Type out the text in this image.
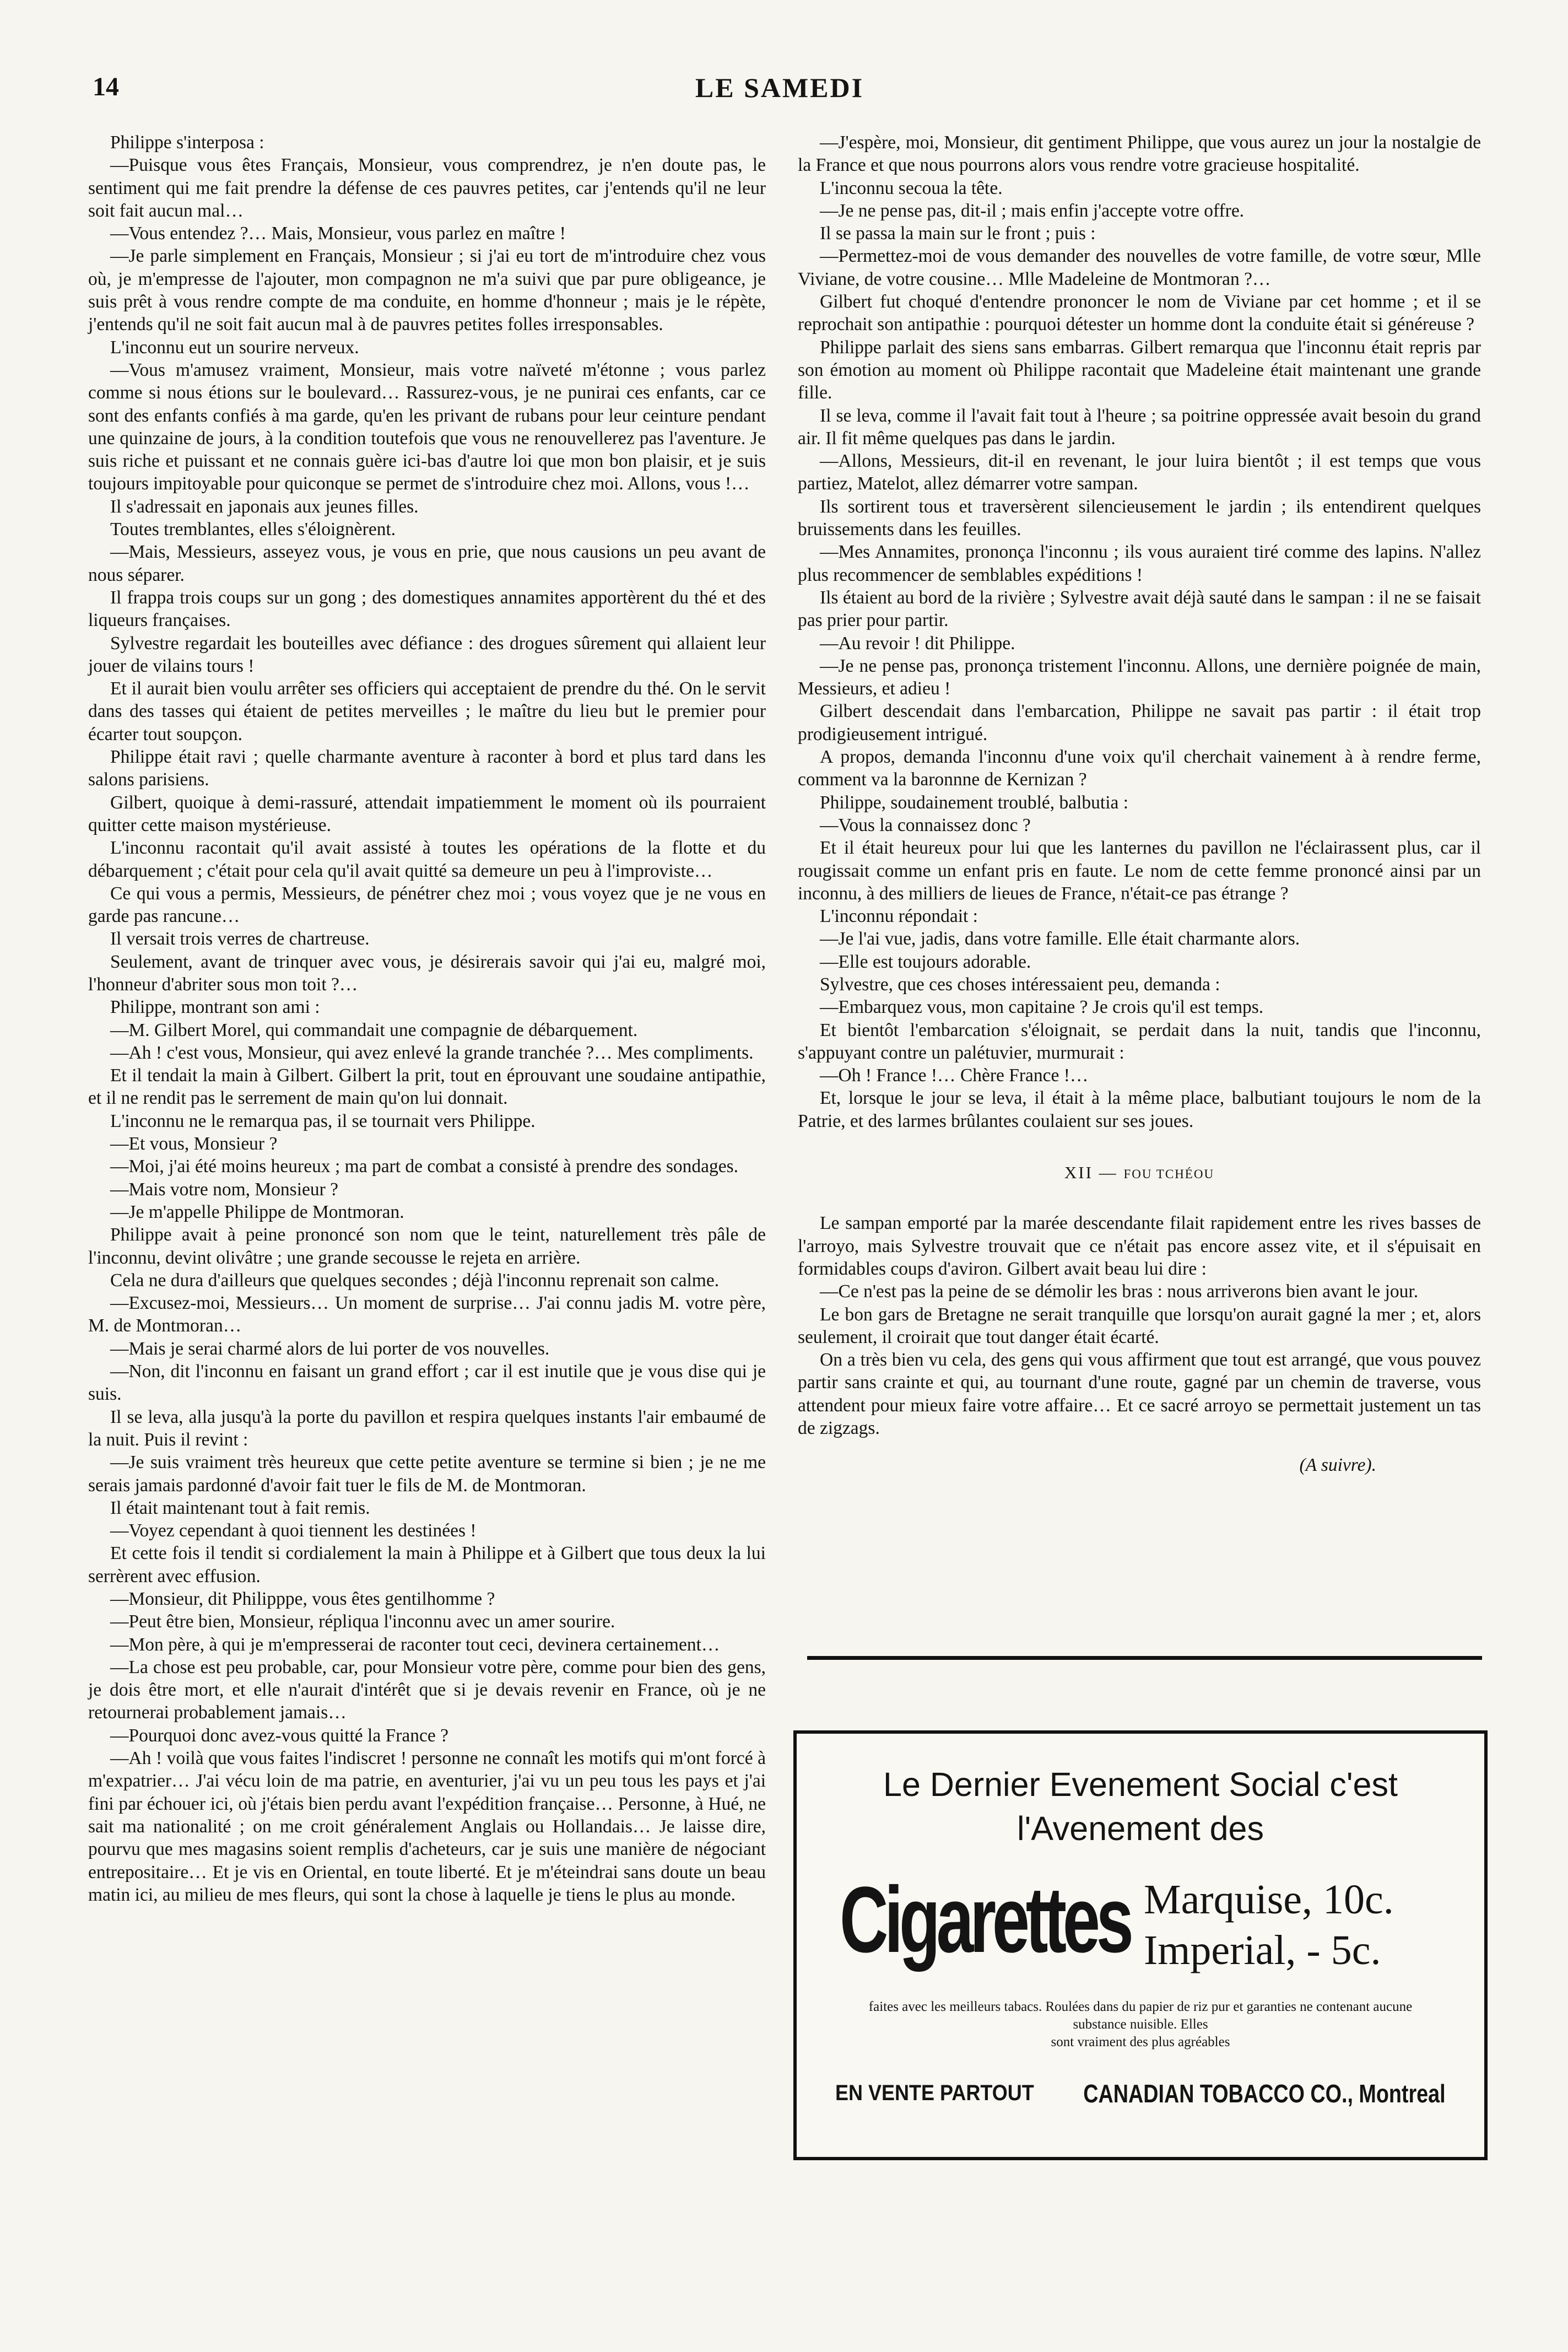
14	LE SAMEDI

Philippe s'interposa :

—Puisque vous êtes Français, Monsieur, vous comprendrez, je n'en doute pas, le sentiment qui me fait prendre la défense de ces pauvres petites, car j'entends qu'il ne leur soit fait aucun mal…

—Vous entendez ?… Mais, Monsieur, vous parlez en maître !

—Je parle simplement en Français, Monsieur ; si j'ai eu tort de m'introduire chez vous où, je m'empresse de l'ajouter, mon compagnon ne m'a suivi que par pure obligeance, je suis prêt à vous rendre compte de ma conduite, en homme d'honneur ; mais je le répète, j'entends qu'il ne soit fait aucun mal à de pauvres petites folles irresponsables.

L'inconnu eut un sourire nerveux.

—Vous m'amusez vraiment, Monsieur, mais votre naïveté m'étonne ; vous parlez comme si nous étions sur le boulevard… Rassurez-vous, je ne punirai ces enfants, car ce sont des enfants confiés à ma garde, qu'en les privant de rubans pour leur ceinture pendant une quinzaine de jours, à la condition toutefois que vous ne renouvellerez pas l'aventure. Je suis riche et puissant et ne connais guère ici-bas d'autre loi que mon bon plaisir, et je suis toujours impitoyable pour quiconque se permet de s'introduire chez moi. Allons, vous !…

Il s'adressait en japonais aux jeunes filles.

Toutes tremblantes, elles s'éloignèrent.

—Mais, Messieurs, asseyez vous, je vous en prie, que nous causions un peu avant de nous séparer.

Il frappa trois coups sur un gong ; des domestiques annamites apportèrent du thé et des liqueurs françaises.

Sylvestre regardait les bouteilles avec défiance : des drogues sûrement qui allaient leur jouer de vilains tours !

Et il aurait bien voulu arrêter ses officiers qui acceptaient de prendre du thé. On le servit dans des tasses qui étaient de petites merveilles ; le maître du lieu but le premier pour écarter tout soupçon.

Philippe était ravi ; quelle charmante aventure à raconter à bord et plus tard dans les salons parisiens.

Gilbert, quoique à demi-rassuré, attendait impatiemment le moment où ils pourraient quitter cette maison mystérieuse.

L'inconnu racontait qu'il avait assisté à toutes les opérations de la flotte et du débarquement ; c'était pour cela qu'il avait quitté sa demeure un peu à l'improviste…

Ce qui vous a permis, Messieurs, de pénétrer chez moi ; vous voyez que je ne vous en garde pas rancune…

Il versait trois verres de chartreuse.

Seulement, avant de trinquer avec vous, je désirerais savoir qui j'ai eu, malgré moi, l'honneur d'abriter sous mon toit ?…

Philippe, montrant son ami :

—M. Gilbert Morel, qui commandait une compagnie de débarquement.

—Ah ! c'est vous, Monsieur, qui avez enlevé la grande tranchée ?… Mes compliments.

Et il tendait la main à Gilbert. Gilbert la prit, tout en éprouvant une soudaine antipathie, et il ne rendit pas le serrement de main qu'on lui donnait.

L'inconnu ne le remarqua pas, il se tournait vers Philippe.

—Et vous, Monsieur ?

—Moi, j'ai été moins heureux ; ma part de combat a consisté à prendre des sondages.

—Mais votre nom, Monsieur ?

—Je m'appelle Philippe de Montmoran.

Philippe avait à peine prononcé son nom que le teint, naturellement très pâle de l'inconnu, devint olivâtre ; une grande secousse le rejeta en arrière.

Cela ne dura d'ailleurs que quelques secondes ; déjà l'inconnu reprenait son calme.

—Excusez-moi, Messieurs… Un moment de surprise… J'ai connu jadis M. votre père, M. de Montmoran…

—Mais je serai charmé alors de lui porter de vos nouvelles.

—Non, dit l'inconnu en faisant un grand effort ; car il est inutile que je vous dise qui je suis.

Il se leva, alla jusqu'à la porte du pavillon et respira quelques instants l'air embaumé de la nuit. Puis il revint :

—Je suis vraiment très heureux que cette petite aventure se termine si bien ; je ne me serais jamais pardonné d'avoir fait tuer le fils de M. de Montmoran.

Il était maintenant tout à fait remis.

—Voyez cependant à quoi tiennent les destinées !

Et cette fois il tendit si cordialement la main à Philippe et à Gilbert que tous deux la lui serrèrent avec effusion.

—Monsieur, dit Philipppe, vous êtes gentilhomme ?

—Peut être bien, Monsieur, répliqua l'inconnu avec un amer sourire.

—Mon père, à qui je m'empresserai de raconter tout ceci, devinera certainement…

—La chose est peu probable, car, pour Monsieur votre père, comme pour bien des gens, je dois être mort, et elle n'aurait d'intérêt que si je devais revenir en France, où je ne retournerai probablement jamais…

—Pourquoi donc avez-vous quitté la France ?

—Ah ! voilà que vous faites l'indiscret ! personne ne connaît les motifs qui m'ont forcé à m'expatrier… J'ai vécu loin de ma patrie, en aventurier, j'ai vu un peu tous les pays et j'ai fini par échouer ici, où j'étais bien perdu avant l'expédition française… Personne, à Hué, ne sait ma nationalité ; on me croit généralement Anglais ou Hollandais… Je laisse dire, pourvu que mes magasins soient remplis d'acheteurs, car je suis une manière de négociant entrepositaire… Et je vis en Oriental, en toute liberté. Et je m'éteindrai sans doute un beau matin ici, au milieu de mes fleurs, qui sont la chose à laquelle je tiens le plus au monde.

—J'espère, moi, Monsieur, dit gentiment Philippe, que vous aurez un jour la nostalgie de la France et que nous pourrons alors vous rendre votre gracieuse hospitalité.

L'inconnu secoua la tête.

—Je ne pense pas, dit-il ; mais enfin j'accepte votre offre.

Il se passa la main sur le front ; puis :

—Permettez-moi de vous demander des nouvelles de votre famille, de votre sœur, Mlle Viviane, de votre cousine… Mlle Madeleine de Montmoran ?…

Gilbert fut choqué d'entendre prononcer le nom de Viviane par cet homme ; et il se reprochait son antipathie : pourquoi détester un homme dont la conduite était si généreuse ?

Philippe parlait des siens sans embarras. Gilbert remarqua que l'inconnu était repris par son émotion au moment où Philippe racontait que Madeleine était maintenant une grande fille.

Il se leva, comme il l'avait fait tout à l'heure ; sa poitrine oppressée avait besoin du grand air. Il fit même quelques pas dans le jardin.

—Allons, Messieurs, dit-il en revenant, le jour luira bientôt ; il est temps que vous partiez, Matelot, allez démarrer votre sampan.

Ils sortirent tous et traversèrent silencieusement le jardin ; ils entendirent quelques bruissements dans les feuilles.

—Mes Annamites, prononça l'inconnu ; ils vous auraient tiré comme des lapins. N'allez plus recommencer de semblables expéditions !

Ils étaient au bord de la rivière ; Sylvestre avait déjà sauté dans le sampan : il ne se faisait pas prier pour partir.

—Au revoir ! dit Philippe.

—Je ne pense pas, prononça tristement l'inconnu. Allons, une dernière poignée de main, Messieurs, et adieu !

Gilbert descendait dans l'embarcation, Philippe ne savait pas partir : il était trop prodigieusement intrigué.

A propos, demanda l'inconnu d'une voix qu'il cherchait vainement à à rendre ferme, comment va la baronnne de Kernizan ?

Philippe, soudainement troublé, balbutia :

—Vous la connaissez donc ?

Et il était heureux pour lui que les lanternes du pavillon ne l'éclairassent plus, car il rougissait comme un enfant pris en faute. Le nom de cette femme prononcé ainsi par un inconnu, à des milliers de lieues de France, n'était-ce pas étrange ?

L'inconnu répondait :

—Je l'ai vue, jadis, dans votre famille. Elle était charmante alors.

—Elle est toujours adorable.

Sylvestre, que ces choses intéressaient peu, demanda :

—Embarquez vous, mon capitaine ? Je crois qu'il est temps.

Et bientôt l'embarcation s'éloignait, se perdait dans la nuit, tandis que l'inconnu, s'appuyant contre un palétuvier, murmurait :

—Oh ! France !… Chère France !…

Et, lorsque le jour se leva, il était à la même place, balbutiant toujours le nom de la Patrie, et des larmes brûlantes coulaient sur ses joues.

XII — FOU TCHÉOU

Le sampan emporté par la marée descendante filait rapidement entre les rives basses de l'arroyo, mais Sylvestre trouvait que ce n'était pas encore assez vite, et il s'épuisait en formidables coups d'aviron. Gilbert avait beau lui dire :

—Ce n'est pas la peine de se démolir les bras : nous arriverons bien avant le jour.

Le bon gars de Bretagne ne serait tranquille que lorsqu'on aurait gagné la mer ; et, alors seulement, il croirait que tout danger était écarté.

On a très bien vu cela, des gens qui vous affirment que tout est arrangé, que vous pouvez partir sans crainte et qui, au tournant d'une route, gagné par un chemin de traverse, vous attendent pour mieux faire votre affaire… Et ce sacré arroyo se permettait justement un tas de zigzags.

(A suivre).
Le Dernier Evenement Social c'est
l'Avenement des
Cigarettes Marquise, 10c.
Imperial, - 5c.
faites avec les meilleurs tabacs. Roulées dans du papier de riz pur et garanties ne contenant aucune substance nuisible. Elles
sont vraiment des plus agréables
EN VENTE PARTOUT CANADIAN TOBACCO CO., Montreal
